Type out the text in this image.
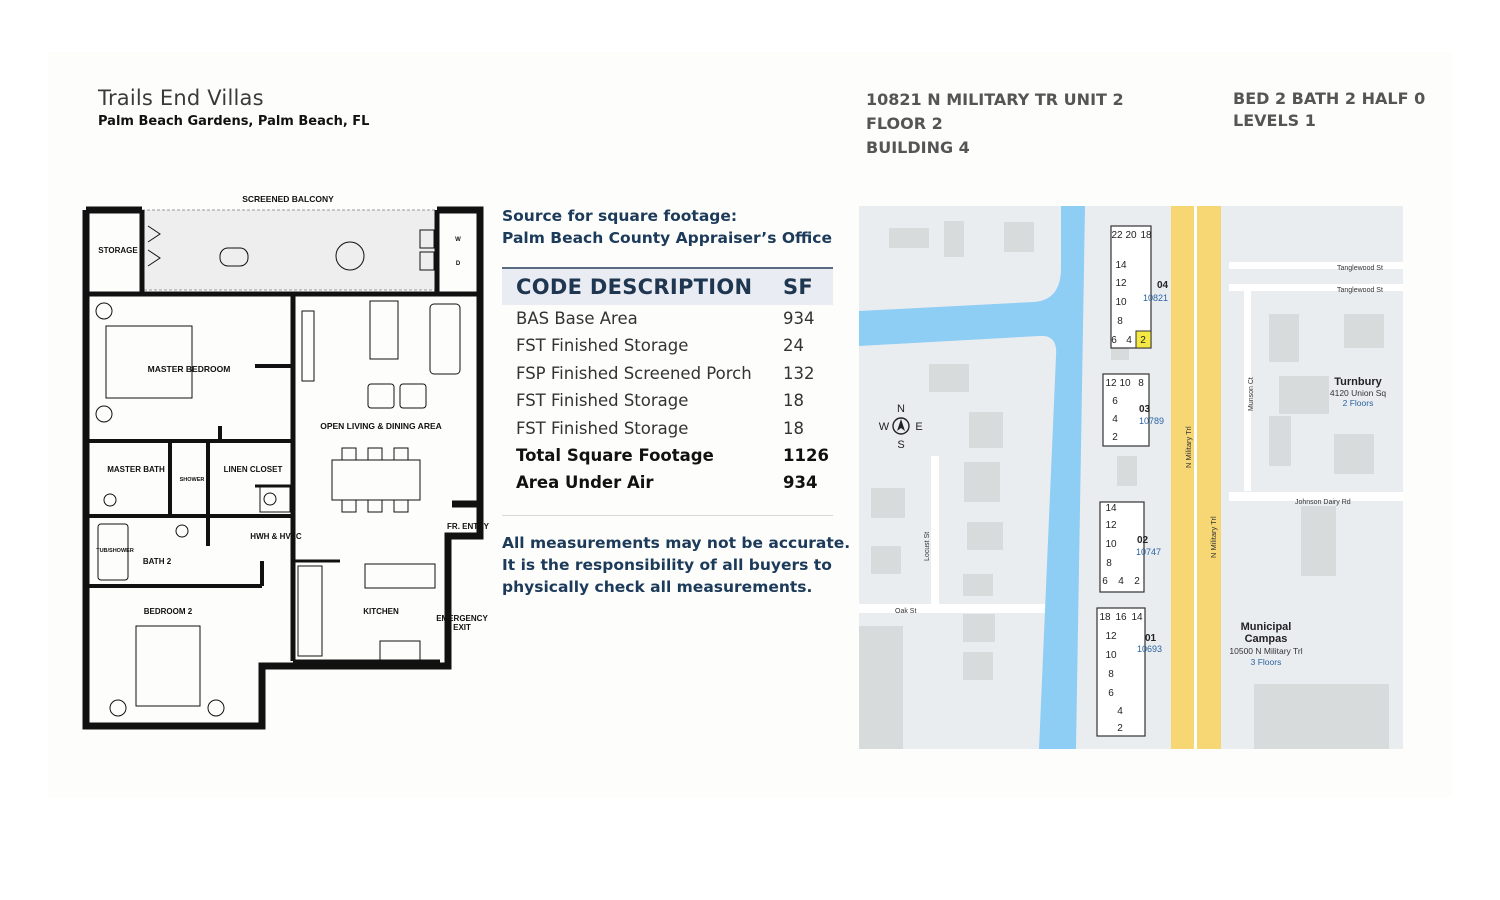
Trails End Villas
Palm Beach Gardens, Palm Beach, FL
10821 N MILITARY TR UNIT 2
FLOOR 2
BUILDING 4
BED 2 BATH 2 HALF 0
LEVELS 1
SCREENED BALCONY
STORAGE
MASTER BEDROOM
OPEN LIVING & DINING AREA
MASTER BATH
SHOWER
LINEN CLOSET
HWH & HVAC
FR. ENTRY
TUB/SHOWER
BATH 2
BEDROOM 2	KITCHEN
EMERGENCY
EXIT
W
D
Source for square footage:
Palm Beach County Appraiser’s Office
CODE DESCRIPTION SF
BAS Base Area	934
FST Finished Storage	24
FSP Finished Screened Porch 132
FST Finished Storage	18
FST Finished Storage	18
Total Square Footage	1126
Area Under Air	934
All measurements may not be accurate.
It is the responsibility of all buyers to
physically check all measurements.
22 20 18
14
12
10
8
6 4 2
12 10 8
6
4
2
14
12
10
8
6 4 2
18 16 14
12
10
8
6
4
2
04
03
02
01
10821
10789
10747
10693
Tanglewood St
Tanglewood St
Johnson Dairy Rd
Oak St
Locust St
Munson Ct
N Military Trl
N Military Trl
N
W E
S
Turnbury
4120 Union Sq
2 Floors
Municipal
Campas
10500 N Military Trl
3 Floors
